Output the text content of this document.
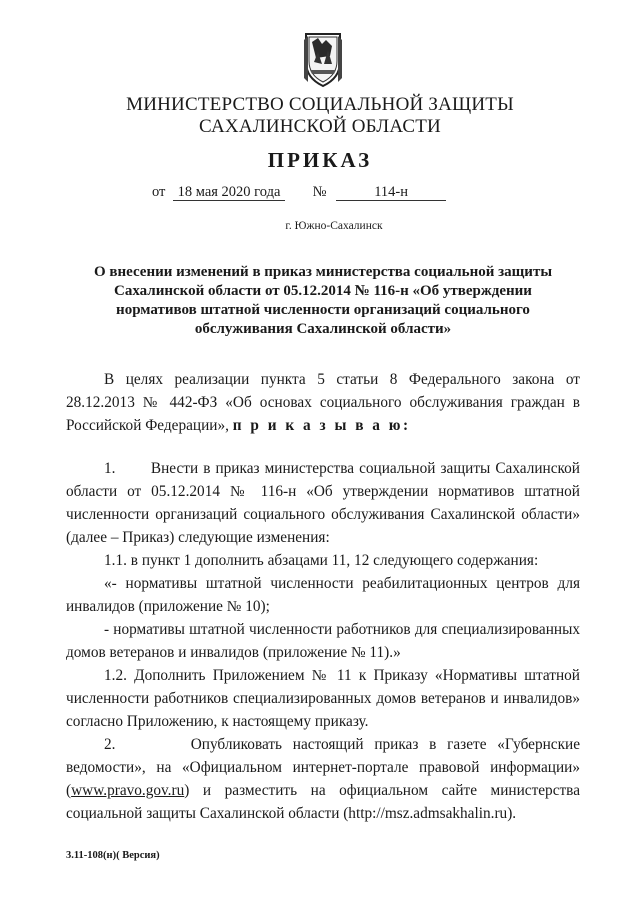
МИНИСТЕРСТВО СОЦИАЛЬНОЙ ЗАЩИТЫ
САХАЛИНСКОЙ ОБЛАСТИ
ПРИКАЗ
от 18 мая 2020 года №	114-н
г. Южно-Сахалинск
О внесении изменений в приказ министерства социальной защиты Сахалинской области от 05.12.2014 № 116-н «Об утверждении нормативов штатной численности организаций социального обслуживания Сахалинской области»

В целях реализации пункта 5 статьи 8 Федерального закона от 28.12.2013 № 442-ФЗ «Об основах социального обслуживания граждан в Российской Федерации», п р и к а з ы в а ю:

1.       Внести в приказ министерства социальной защиты Сахалинской области от 05.12.2014 № 116-н «Об утверждении нормативов штатной численности организаций социального обслуживания Сахалинской области» (далее – Приказ) следующие изменения:

1.1. в пункт 1 дополнить абзацами 11, 12 следующего содержания:

«- нормативы штатной численности реабилитационных центров для инвалидов (приложение № 10);

- нормативы штатной численности работников для специализированных домов ветеранов и инвалидов (приложение № 11).»

1.2. Дополнить Приложением № 11 к Приказу «Нормативы штатной численности работников специализированных домов ветеранов и инвалидов» согласно Приложению, к настоящему приказу.

2.       Опубликовать настоящий приказ в газете «Губернские ведомости», на «Официальном интернет-портале правовой информации» (www.pravo.gov.ru) и разместить на официальном сайте министерства социальной защиты Сахалинской области (http://msz.admsakhalin.ru).

3.11-108(н)( Версия)
